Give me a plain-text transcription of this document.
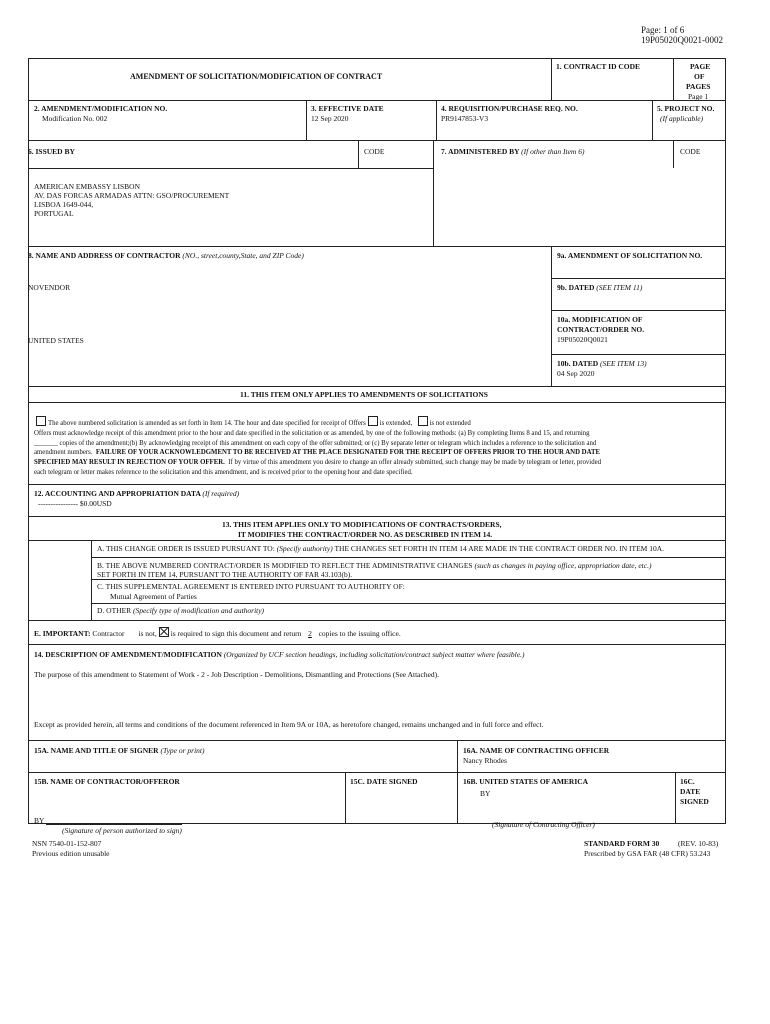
Page: 1 of 6
19P05020Q0021-0002
AMENDMENT OF SOLICITATION/MODIFICATION OF CONTRACT
1. CONTRACT ID CODE	PAGE
OF
PAGES
Page 1
2. AMENDMENT/MODIFICATION NO.
Modification No. 002
3. EFFECTIVE DATE
12 Sep 2020
4. REQUISITION/PURCHASE REQ. NO.
PR9147853-V3
5. PROJECT NO.
(If applicable)
6. ISSUED BY	CODE	7. ADMINISTERED BY (If other than Item 6)	CODE
AMERICAN EMBASSY LISBON
AV. DAS FORCAS ARMADAS ATTN: GSO/PROCUREMENT
LISBOA 1649-044,
PORTUGAL
8. NAME AND ADDRESS OF CONTRACTOR (NO., street,county,State, and ZIP Code)
NOVENDOR
UNITED STATES
9a. AMENDMENT OF SOLICITATION NO.
9b. DATED (SEE ITEM 11)
10a. MODIFICATION OF
CONTRACT/ORDER NO.
19P05020Q0021
10b. DATED (SEE ITEM 13)
04 Sep 2020
11. THIS ITEM ONLY APPLIES TO AMENDMENTS OF SOLICITATIONS
The above numbered solicitation is amended as set forth in Item 14. The hour and date specified for receipt of Offers is extended,	is not extended
Offers must acknowledge receipt of this amendment prior to the hour and date specified in the solicitation or as amended, by one of the following methods: (a) By completing Items 8 and 15, and returning
_______ copies of the amendment;(b) By acknowledging receipt of this amendment on each copy of the offer submitted; or (c) By separate letter or telegram which includes a reference to the solicitation and
amendment numbers. FAILURE OF YOUR ACKNOWLEDGMENT TO BE RECEIVED AT THE PLACE DESIGNATED FOR THE RECEIPT OF OFFERS PRIOR TO THE HOUR AND DATE
SPECIFIED MAY RESULT IN REJECTION OF YOUR OFFER. If by virtue of this amendment you desire to change an offer already submitted, such change may be made by telegram or letter, provided
each telegram or letter makes reference to the solicitation and this amendment, and is received prior to the opening hour and date specified.
12. ACCOUNTING AND APPROPRIATION DATA (If required)
---------------- $0.00USD
13. THIS ITEM APPLIES ONLY TO MODIFICATIONS OF CONTRACTS/ORDERS,
IT MODIFIES THE CONTRACT/ORDER NO. AS DESCRIBED IN ITEM 14.
A. THIS CHANGE ORDER IS ISSUED PURSUANT TO: (Specify authority) THE CHANGES SET FORTH IN ITEM 14 ARE MADE IN THE CONTRACT ORDER NO. IN ITEM 10A.
B. THE ABOVE NUMBERED CONTRACT/ORDER IS MODIFIED TO REFLECT THE ADMINISTRATIVE CHANGES (such as changes in paying office, appropriation date, etc.)
SET FORTH IN ITEM 14, PURSUANT TO THE AUTHORITY OF FAR 43.103(b).
C. THIS SUPPLEMENTAL AGREEMENT IS ENTERED INTO PURSUANT TO AUTHORITY OF:
Mutual Agreement of Parties
D. OTHER (Specify type of modification and authority)
E. IMPORTANT: Contractor is not, is required to sign this document and return 2 copies to the issuing office.
14. DESCRIPTION OF AMENDMENT/MODIFICATION (Organized by UCF section headings, including solicitation/contract subject matter where feasible.)
The purpose of this amendment to Statement of Work - 2 - Job Description - Demolitions, Dismantling and Protections (See Attached).
Except as provided herein, all terms and conditions of the document referenced in Item 9A or 10A, as heretofore changed, remains unchanged and in full force and effect.
15A. NAME AND TITLE OF SIGNER (Type or print)	16A. NAME OF CONTRACTING OFFICER
Nancy Rhodes
15B. NAME OF CONTRACTOR/OFFEROR	15C. DATE SIGNED	16B. UNITED STATES OF AMERICA
BY
16C.
DATE
SIGNED
BY
(Signature of person authorized to sign)
(Signature of Contracting Officer)
NSN 7540-01-152-807
Previous edition unusable
STANDARD FORM 30 (REV. 10-83)
Prescribed by GSA FAR (48 CFR) 53.243
